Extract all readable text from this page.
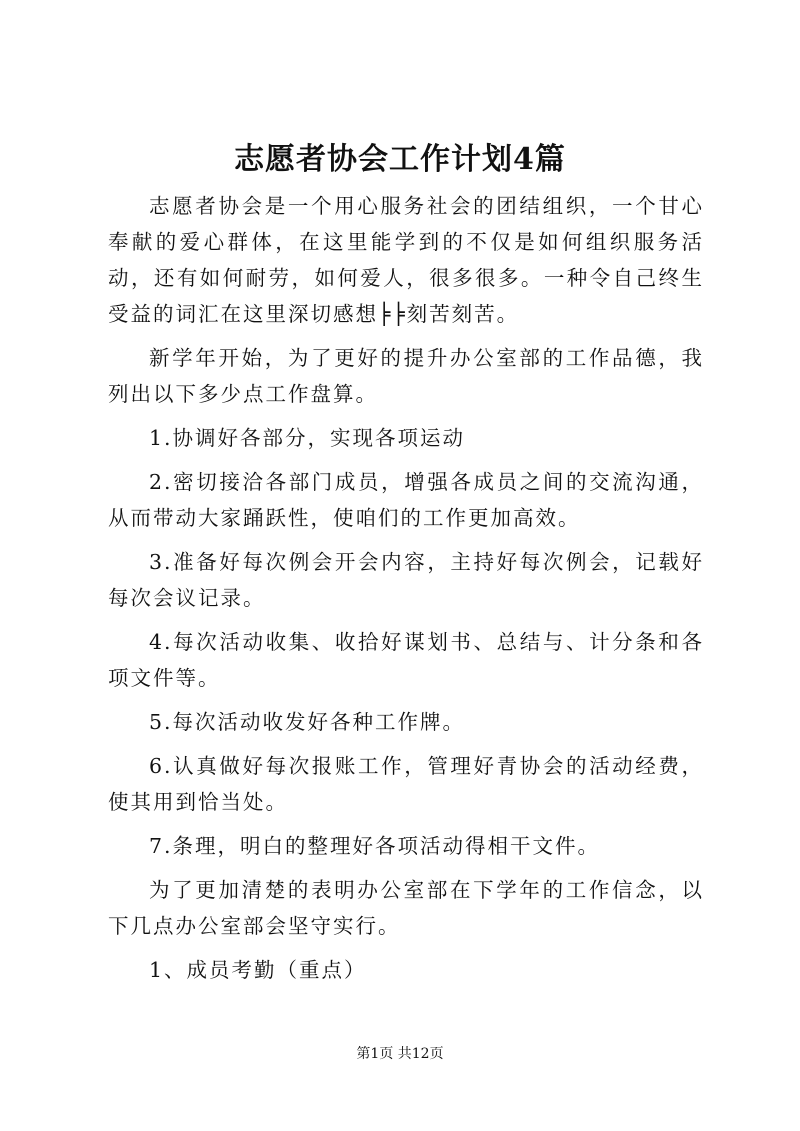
志愿者协会工作计划4篇

志愿者协会是一个用心服务社会的团结组织，一个甘心奉献的爱心群体，在这里能学到的不仅是如何组织服务活动，还有如何耐劳，如何爱人，很多很多。一种令自己终生受益的词汇在这里深切感想╞╞刻苦刻苦。

新学年开始，为了更好的提升办公室部的工作品德，我列出以下多少点工作盘算。

1.协调好各部分，实现各项运动

2.密切接洽各部门成员，增强各成员之间的交流沟通，从而带动大家踊跃性，使咱们的工作更加高效。

3.准备好每次例会开会内容，主持好每次例会，记载好每次会议记录。

4.每次活动收集、收拾好谋划书、总结与、计分条和各项文件等。

5.每次活动收发好各种工作牌。

6.认真做好每次报账工作，管理好青协会的活动经费，使其用到恰当处。

7.条理，明白的整理好各项活动得相干文件。

为了更加清楚的表明办公室部在下学年的工作信念，以下几点办公室部会坚守实行。

1、成员考勤（重点）

第1页 共12页
